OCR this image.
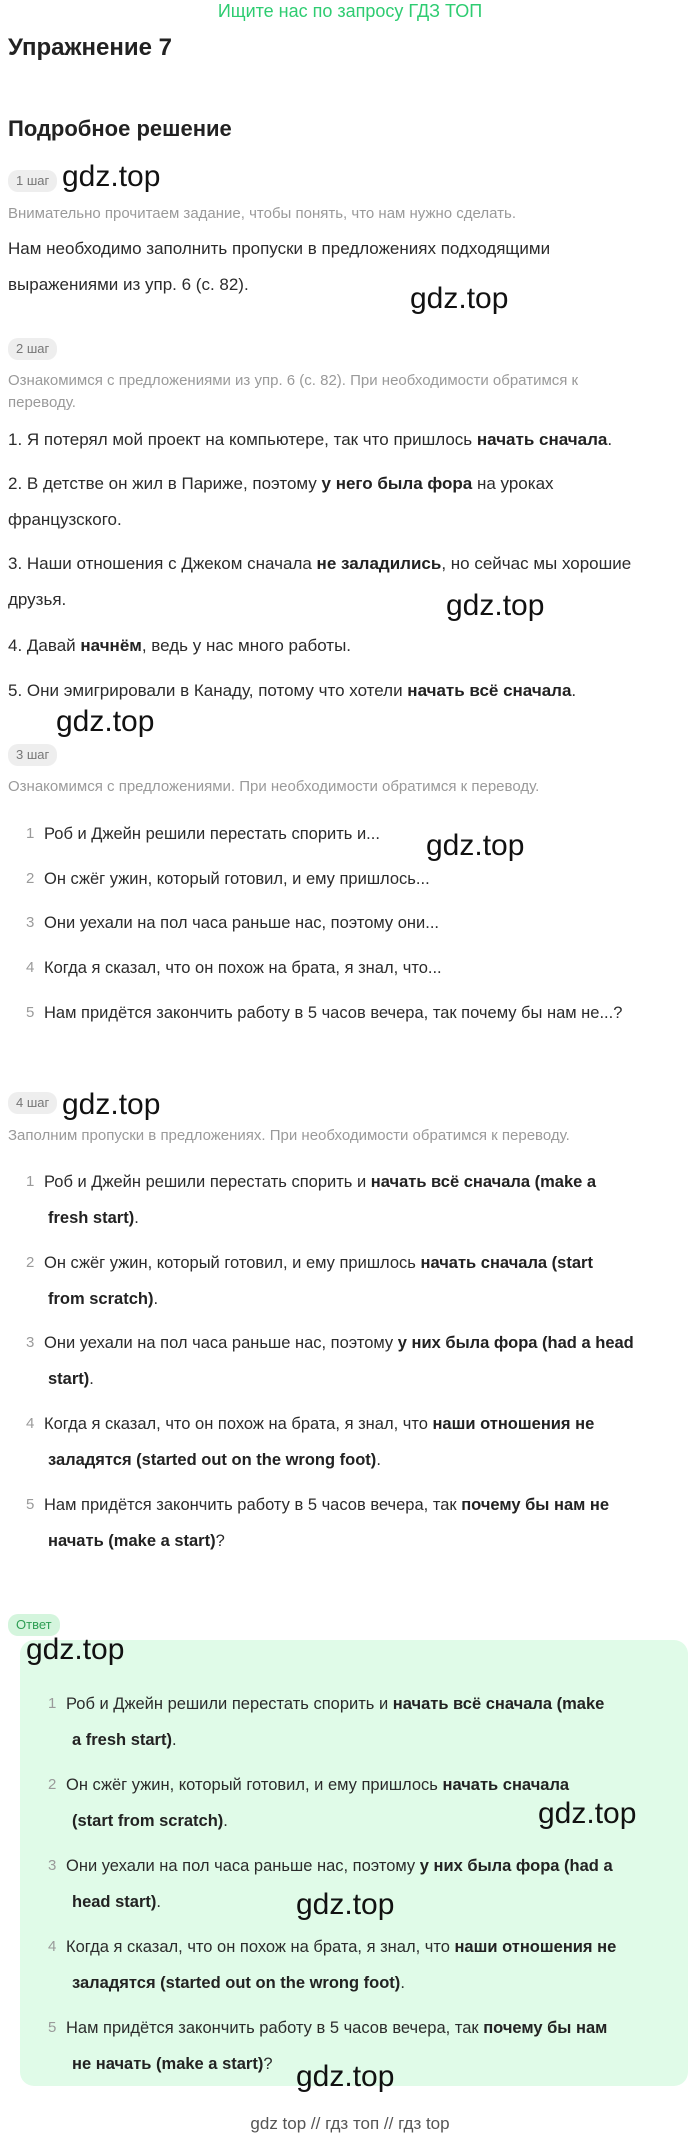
Ищите нас по запросу ГДЗ ТОП
Упражнение 7
Подробное решение
1 шаг gdz.top
Внимательно прочитаем задание, чтобы понять, что нам нужно сделать.
Нам необходимо заполнить пропуски в предложениях подходящими
выражениями из упр. 6 (с. 82).	gdz.top
2 шаг
Ознакомимся с предложениями из упр. 6 (с. 82). При необходимости обратимся к
переводу.
1. Я потерял мой проект на компьютере, так что пришлось начать сначала.
2. В детстве он жил в Париже, поэтому у него была фора на уроках
французского.
3. Наши отношения с Джеком сначала не заладились, но сейчас мы хорошие
друзья.	gdz.top
4. Давай начнём, ведь у нас много работы.
5. Они эмигрировали в Канаду, потому что хотели начать всё сначала.
gdz.top
3 шаг
Ознакомимся с предложениями. При необходимости обратимся к переводу.
1 Роб и Джейн решили перестать спорить и...	gdz.top
2 Он сжёг ужин, который готовил, и ему пришлось...
3 Они уехали на пол часа раньше нас, поэтому они...
4 Когда я сказал, что он похож на брата, я знал, что...
5 Нам придётся закончить работу в 5 часов вечера, так почему бы нам не...?
4 шаг gdz.top
Заполним пропуски в предложениях. При необходимости обратимся к переводу.
1 Роб и Джейн решили перестать спорить и начать всё сначала (make a
fresh start).
2 Он сжёг ужин, который готовил, и ему пришлось начать сначала (start
from scratch).
3 Они уехали на пол часа раньше нас, поэтому у них была фора (had a head
start).
4 Когда я сказал, что он похож на брата, я знал, что наши отношения не
заладятся (started out on the wrong foot).
5 Нам придётся закончить работу в 5 часов вечера, так почему бы нам не
начать (make a start)?
Ответ
gdz.top
1 Роб и Джейн решили перестать спорить и начать всё сначала (make
a fresh start).
2 Он сжёг ужин, который готовил, и ему пришлось начать сначала
(start from scratch).	gdz.top
3 Они уехали на пол часа раньше нас, поэтому у них была фора (had a
head start).	gdz.top
4 Когда я сказал, что он похож на брата, я знал, что наши отношения не
заладятся (started out on the wrong foot).
5 Нам придётся закончить работу в 5 часов вечера, так почему бы нам
не начать (make a start)? gdz.top
gdz top // гдз топ // гдз top
